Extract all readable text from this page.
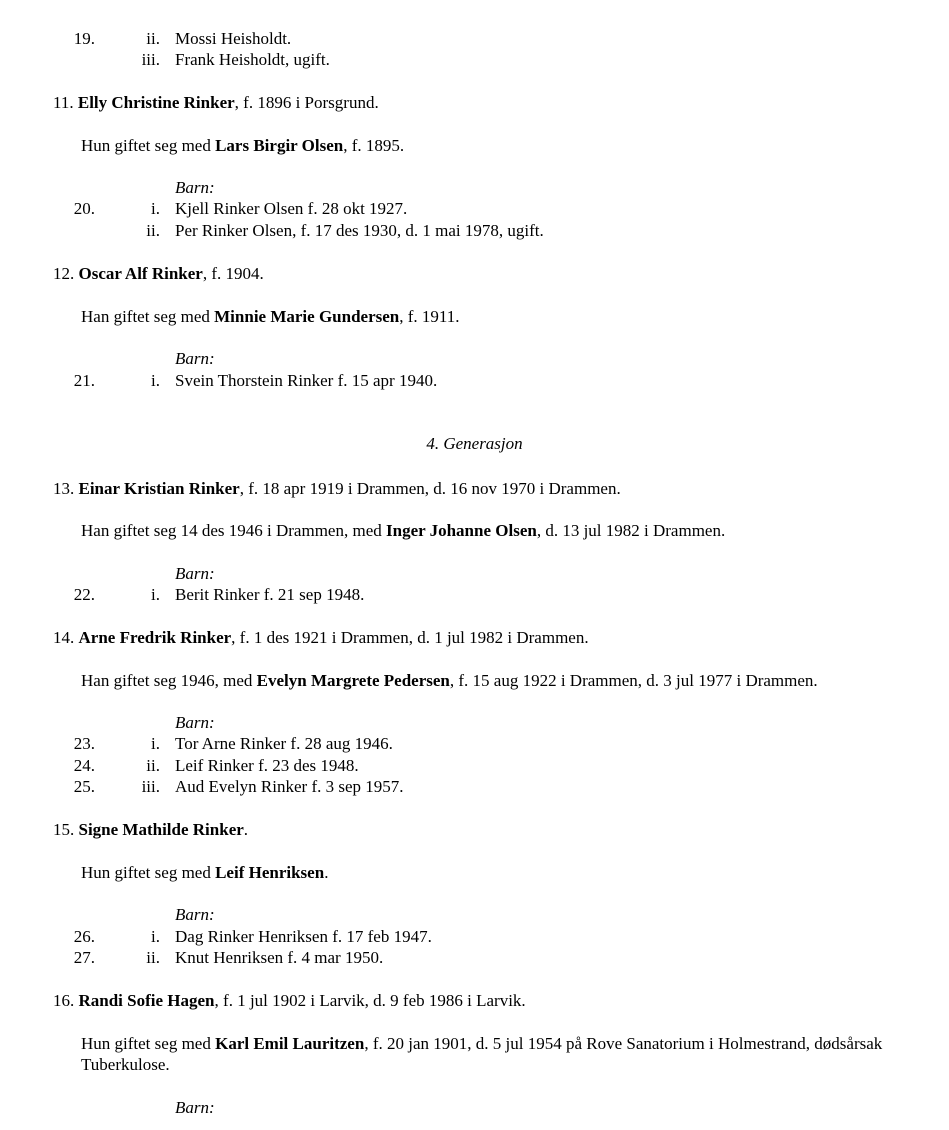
19.	ii. Mossi Heisholdt.
iii. Frank Heisholdt, ugift.
11. Elly Christine Rinker, f. 1896 i Porsgrund.
Hun giftet seg med Lars Birgir Olsen, f. 1895.
Barn:
20.	i. Kjell Rinker Olsen f. 28 okt 1927.
ii. Per Rinker Olsen, f. 17 des 1930, d. 1 mai 1978, ugift.
12. Oscar Alf Rinker, f. 1904.
Han giftet seg med Minnie Marie Gundersen, f. 1911.
Barn:
21.	i. Svein Thorstein Rinker f. 15 apr 1940.
4. Generasjon
13. Einar Kristian Rinker, f. 18 apr 1919 i Drammen, d. 16 nov 1970 i Drammen.
Han giftet seg 14 des 1946 i Drammen, med Inger Johanne Olsen, d. 13 jul 1982 i Drammen.
Barn:
22.	i. Berit Rinker f. 21 sep 1948.
14. Arne Fredrik Rinker, f. 1 des 1921 i Drammen, d. 1 jul 1982 i Drammen.
Han giftet seg 1946, med Evelyn Margrete Pedersen, f. 15 aug 1922 i Drammen, d. 3 jul 1977 i Drammen.
Barn:
23.	i. Tor Arne Rinker f. 28 aug 1946.
24.	ii. Leif Rinker f. 23 des 1948.
25.	iii. Aud Evelyn Rinker f. 3 sep 1957.
15. Signe Mathilde Rinker.
Hun giftet seg med Leif Henriksen.
Barn:
26.	i. Dag Rinker Henriksen f. 17 feb 1947.
27.	ii. Knut Henriksen f. 4 mar 1950.
16. Randi Sofie Hagen, f. 1 jul 1902 i Larvik, d. 9 feb 1986 i Larvik.
Hun giftet seg med Karl Emil Lauritzen, f. 20 jan 1901, d. 5 jul 1954 på Rove Sanatorium i Holmestrand, dødsårsak Tuberkulose.
Barn:
